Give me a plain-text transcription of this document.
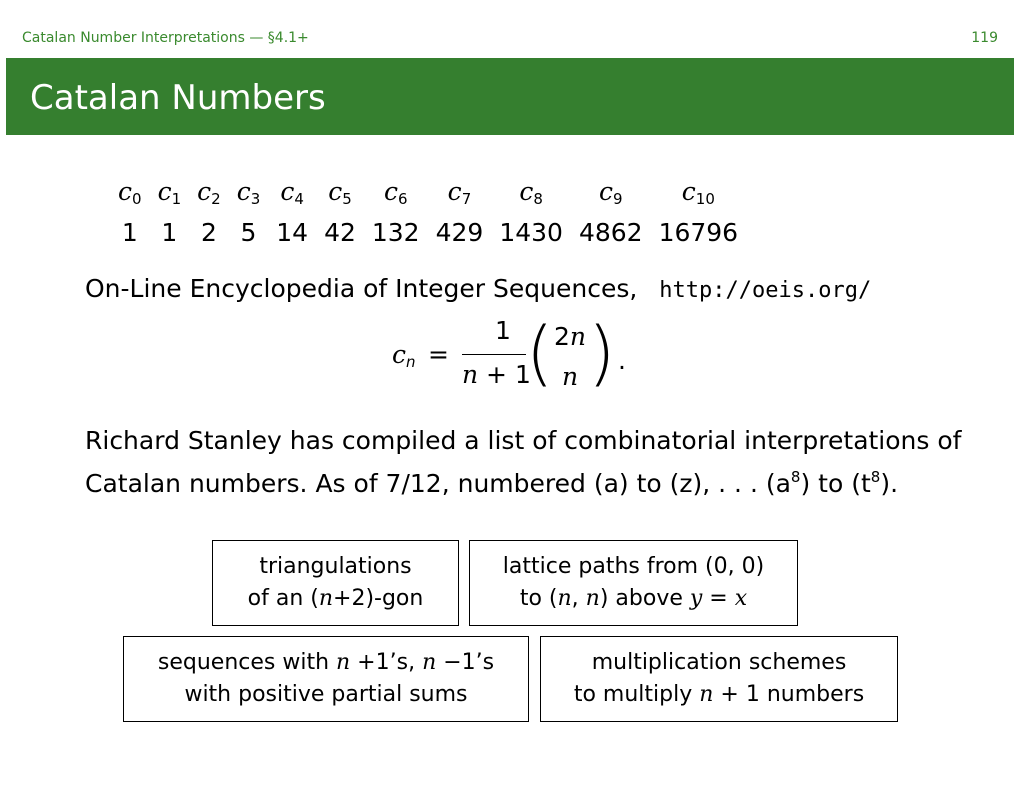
Catalan Number Interpretations — §4.1+	119
Catalan Numbers
$c_0$	$c_1$	$c_2$	$c_3$	$c_4$	$c_5$	$c_6$	$c_7$	$c_8$	$c_9$	$c_{10}$
1	1	2	5	14	42	132	429	1430	4862	16796
On-Line Encyclopedia of Integer Sequences, http://oeis.org/
$c_n$ =
1
n + 1
( 2n
n ) .
Richard Stanley has compiled a list of combinatorial interpretations of
Catalan numbers. As of 7/12, numbered (a) to (z), . . . $(a^8)$ to $(t^8)$.
triangulations
of an (n+2)-gon
lattice paths from (0, 0)
to (n, n) above y = x
sequences with n +1’s, n −1’s
with positive partial sums
multiplication schemes
to multiply n + 1 numbers
